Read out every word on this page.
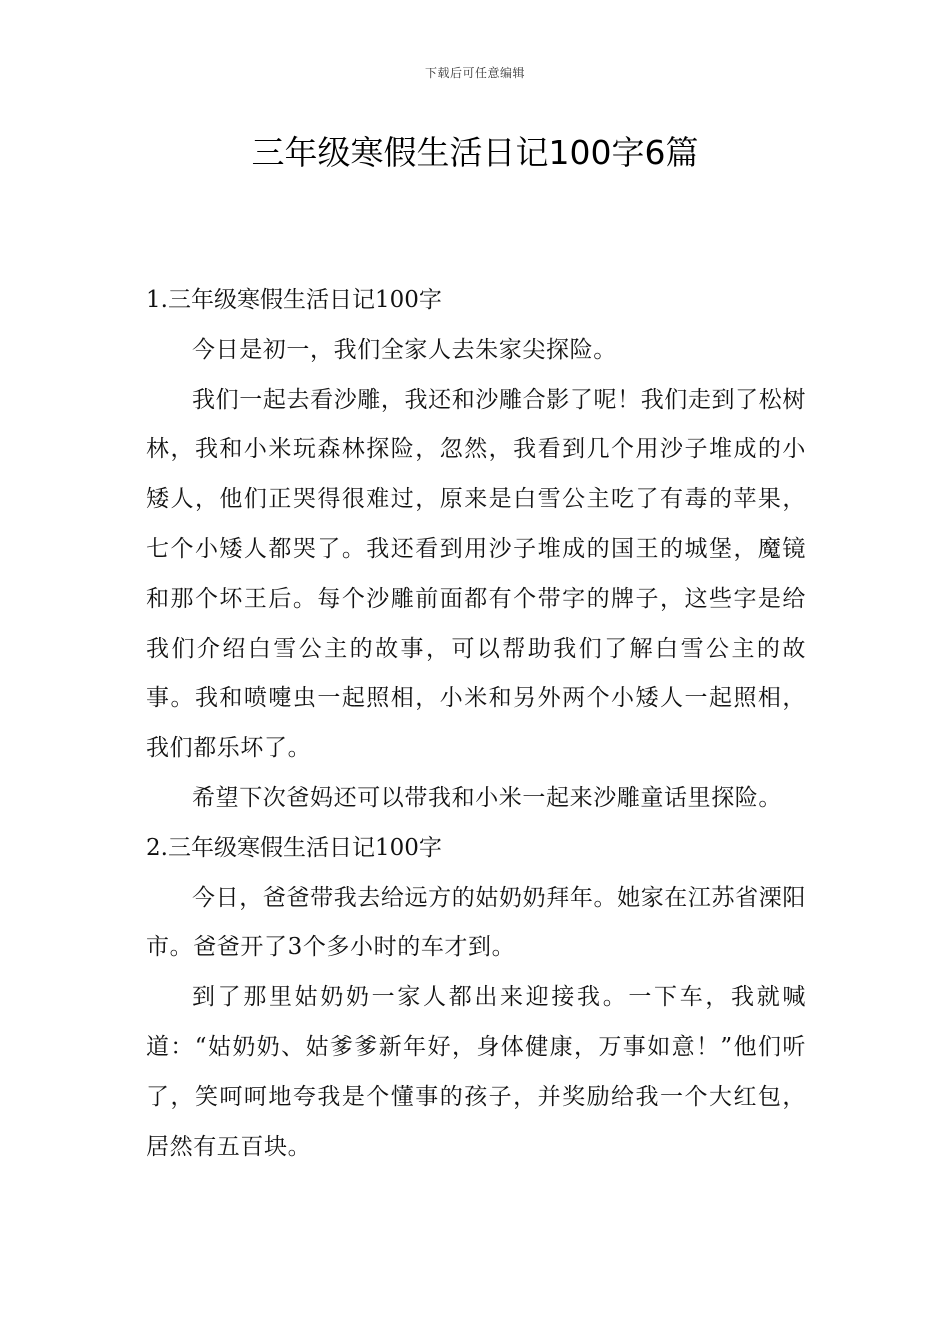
下载后可任意编辑
三年级寒假生活日记100字6篇
1.三年级寒假生活日记100字

今日是初一，我们全家人去朱家尖探险。

我们一起去看沙雕，我还和沙雕合影了呢！我们走到了松树林，我和小米玩森林探险，忽然，我看到几个用沙子堆成的小矮人，他们正哭得很难过，原来是白雪公主吃了有毒的苹果，七个小矮人都哭了。我还看到用沙子堆成的国王的城堡，魔镜和那个坏王后。每个沙雕前面都有个带字的牌子，这些字是给我们介绍白雪公主的故事，可以帮助我们了解白雪公主的故事。我和喷嚏虫一起照相，小米和另外两个小矮人一起照相，我们都乐坏了。

希望下次爸妈还可以带我和小米一起来沙雕童话里探险。

2.三年级寒假生活日记100字

今日，爸爸带我去给远方的姑奶奶拜年。她家在江苏省溧阳市。爸爸开了3个多小时的车才到。

到了那里姑奶奶一家人都出来迎接我。一下车，我就喊道：“姑奶奶、姑爹爹新年好，身体健康，万事如意！”他们听了，笑呵呵地夸我是个懂事的孩子，并奖励给我一个大红包，居然有五百块。
